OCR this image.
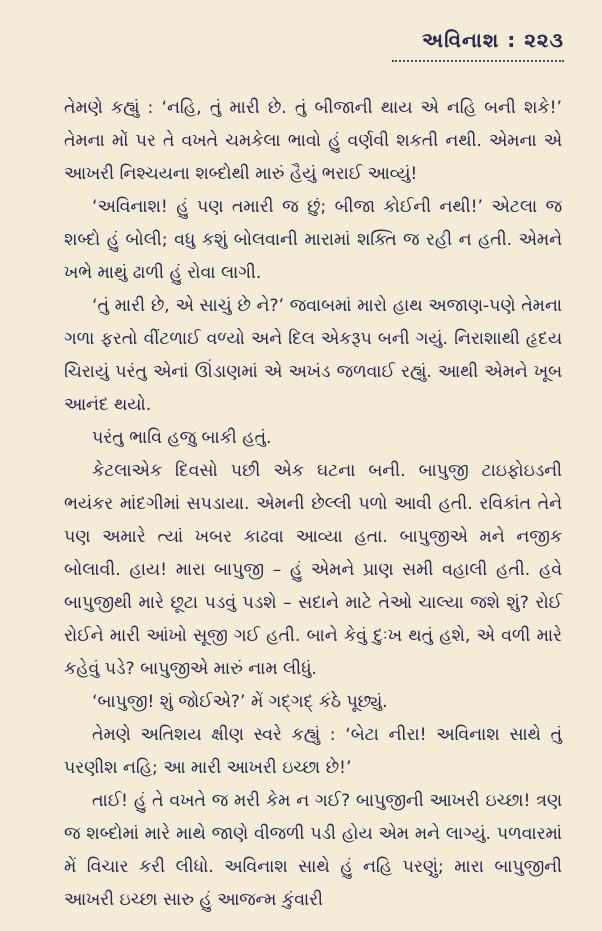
અવિનાશ : ૨૨૩

તેમણે કહ્યું : ‘નહિ, તું મારી છે. તું બીજાની થાય એ નહિ બની શકે!’ તેમના મોં પર તે વખતે ચમકેલા ભાવો હું વર્ણવી શકતી નથી. એમના એ આખરી નિશ્ચયના શબ્દોથી મારું હૈયું ભરાઈ આવ્યું!

‘અવિનાશ! હું પણ તમારી જ છું; બીજા કોઈની નથી!’ એટલા જ શબ્દો હું બોલી; વધુ કશું બોલવાની મારામાં શક્તિ જ રહી ન હતી. એમને ખભે માથું ઢાળી હું રોવા લાગી.

‘તું મારી છે, એ સાચું છે ને?’ જવાબમાં મારો હાથ અજાણ-પણે તેમના ગળા ફરતો વીંટળાઈ વળ્યો અને દિલ એકરૂપ બની ગયું. નિરાશાથી હૃદય ચિરાયું પરંતુ એનાં ઊંડાણમાં એ અખંડ જળવાઈ રહ્યું. આથી એમને ખૂબ આનંદ થયો.

પરંતુ ભાવિ હજુ બાકી હતું.

કેટલાએક દિવસો પછી એક ઘટના બની. બાપુજી ટાઇફોઇડની ભયંકર માંદગીમાં સપડાયા. એમની છેલ્લી પળો આવી હતી. રવિકાંત તેને પણ અમારે ત્યાં ખબર કાઢવા આવ્યા હતા. બાપુજીએ મને નજીક બોલાવી. હાય! મારા બાપુજી – હું એમને પ્રાણ સમી વહાલી હતી. હવે બાપુજીથી મારે છૂટા પડવું પડશે – સદાને માટે તેઓ ચાલ્યા જશે શું? રોઈ રોઈને મારી આંખો સૂજી ગઈ હતી. બાને કેવું દુઃખ થતું હશે, એ વળી મારે કહેવું પડે? બાપુજીએ મારું નામ લીધું.

‘બાપુજી! શું જોઈએ?’ મેં ગદ્ગદ્ કંઠે પૂછ્યું.

તેમણે અતિશય ક્ષીણ સ્વરે કહ્યું : ‘બેટા નીરા! અવિનાશ સાથે તું પરણીશ નહિ; આ મારી આખરી ઇચ્છા છે!’

તાઈ! હું તે વખતે જ મરી કેમ ન ગઈ? બાપુજીની આખરી ઇચ્છા! ત્રણ જ શબ્દોમાં મારે માથે જાણે વીજળી પડી હોય એમ મને લાગ્યું. પળવારમાં મેં વિચાર કરી લીધો. અવિનાશ સાથે હું નહિ પરણું; મારા બાપુજીની આખરી ઇચ્છા સારુ હું આજન્મ કુંવારી
